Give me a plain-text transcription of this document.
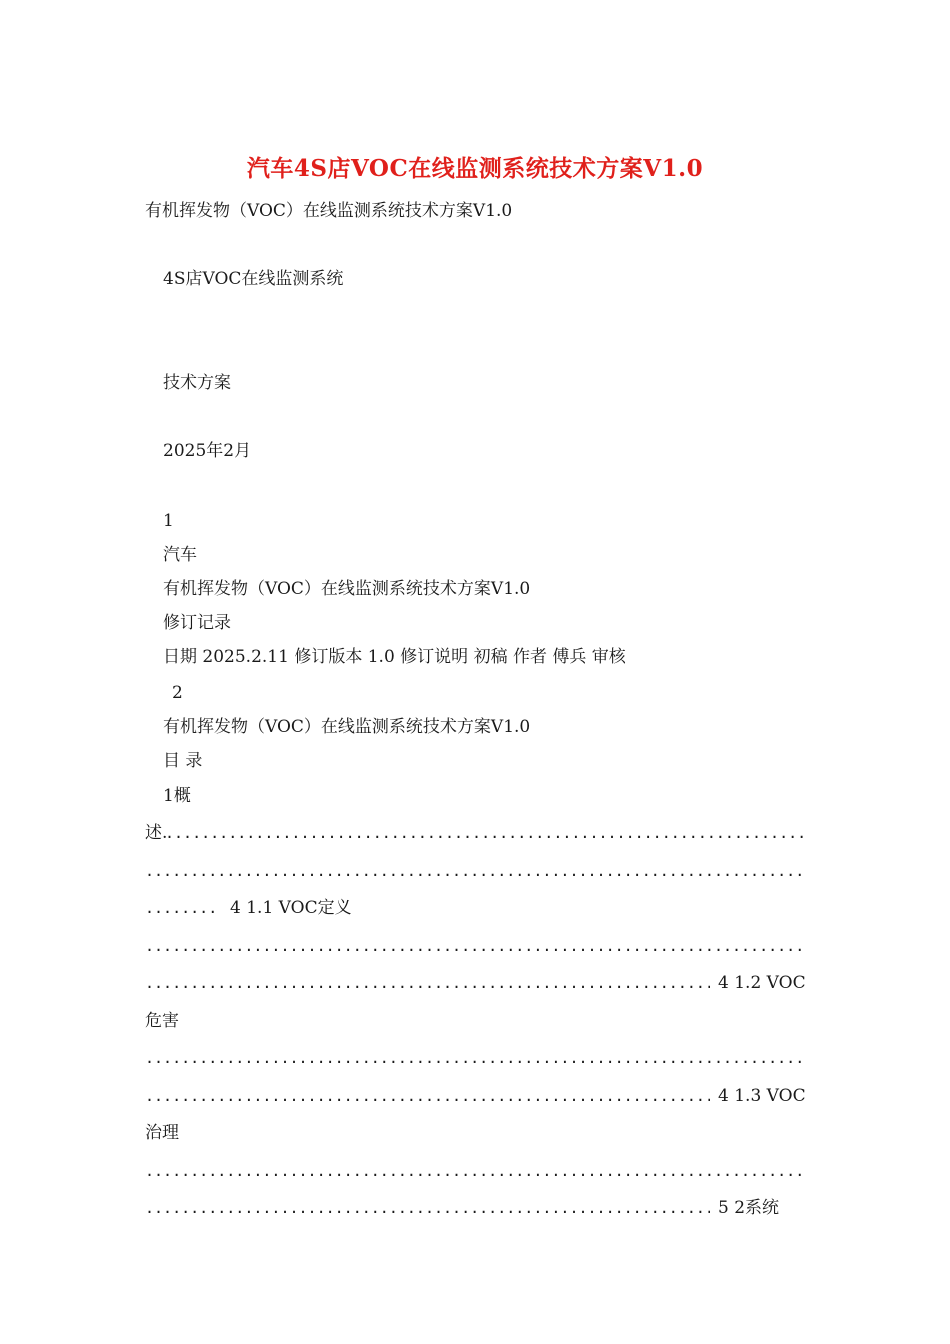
汽车4S店VOC在线监测系统技术方案V1.0
有机挥发物（VOC）在线监测系统技术方案V1.0
4S店VOC在线监测系统
技术方案
2025年2月
1
汽车
有机挥发物（VOC）在线监测系统技术方案V1.0
修订记录
日期 2025.2.11 修订版本 1.0 修订说明 初稿 作者 傅兵 审核
2
有机挥发物（VOC）在线监测系统技术方案V1.0
目 录
1概
述.
.....
.....
.....
4 1.1 VOC定义
.....
.....
4 1.2 VOC
危害
.....
.....
4 1.3 VOC
治理
.....
.....
5 2系统
